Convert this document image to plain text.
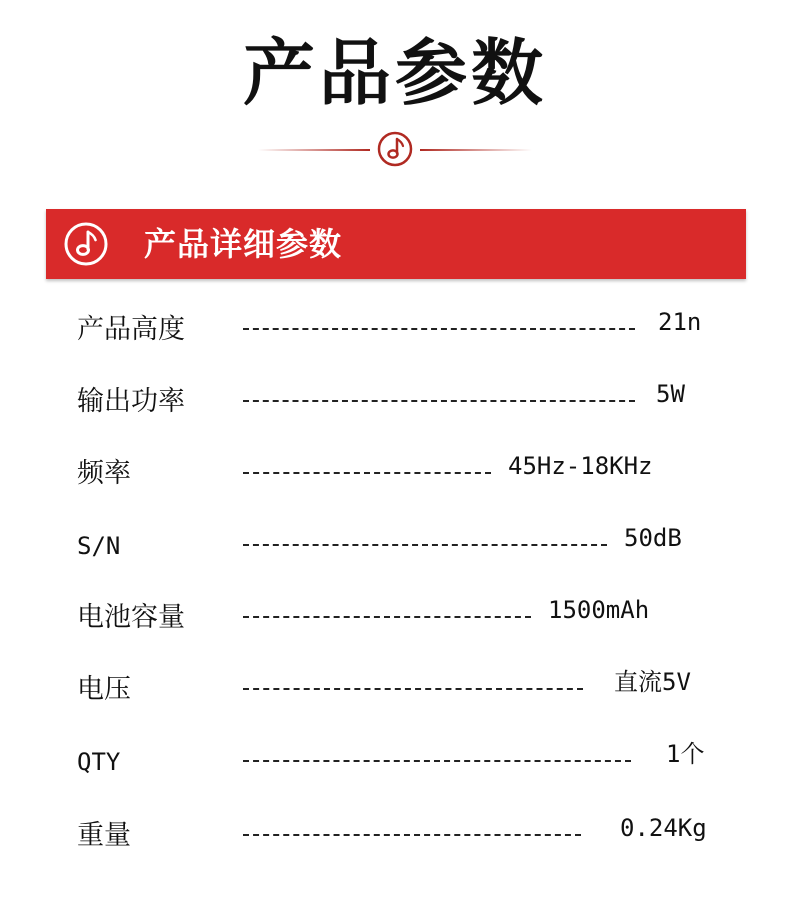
产品参数
产品详细参数
产品高度	21n
输出功率	5W
频率	45Hz-18KHz
S/N	50dB
电池容量	1500mAh
电压	直流5V
QTY	1个
重量	0.24Kg
